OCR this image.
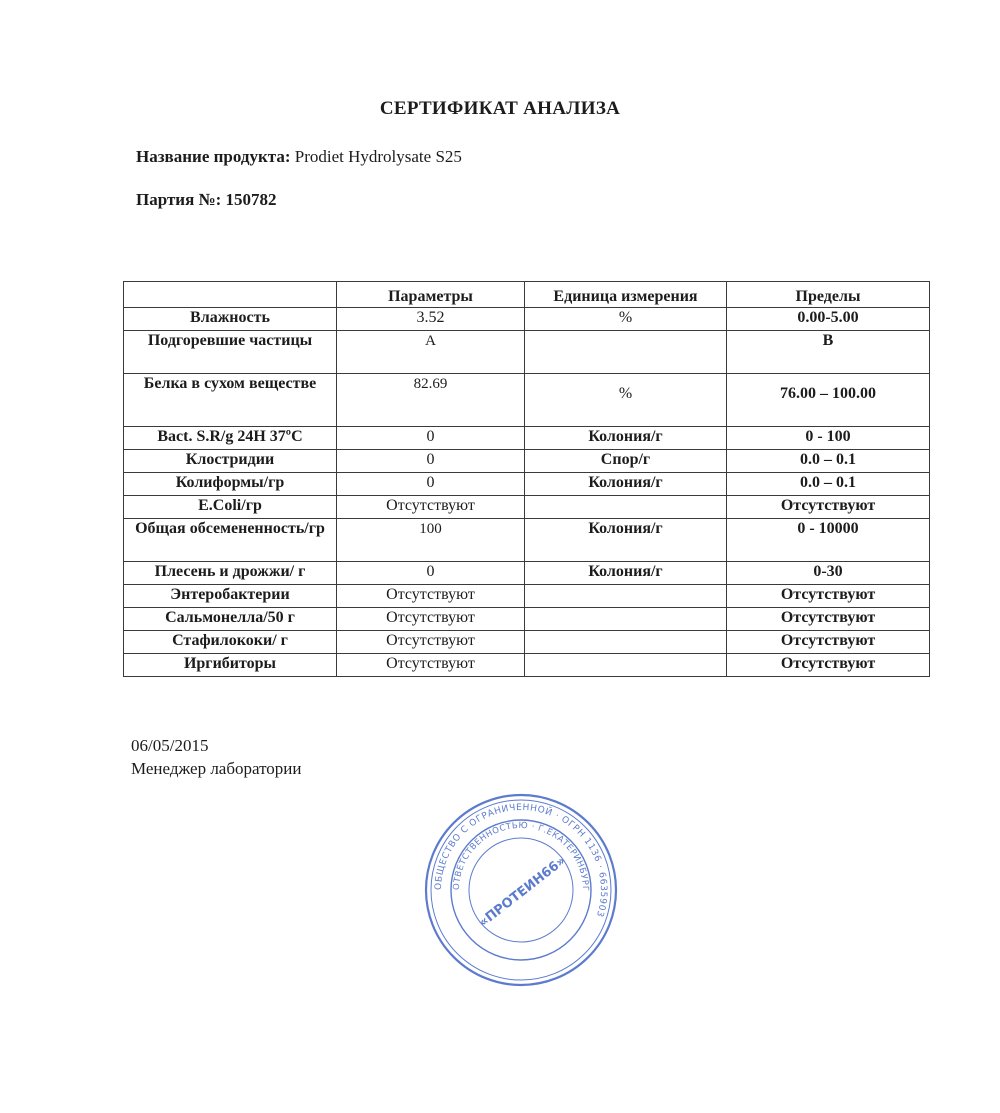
СЕРТИФИКАТ АНАЛИЗА
Название продукта: Prodiet Hydrolysate S25
Партия №: 150782
	Параметры	Единица измерения	Пределы
Влажность	3.52	%	0.00-5.00
Подгоревшие частицы	A		B
Белка в сухом веществе	82.69	%	76.00 – 100.00
Bact. S.R/g 24H 37ºC	0	Колония/г	0 - 100
Клостридии	0	Спор/г	0.0 – 0.1
Колиформы/гр	0	Колония/г	0.0 – 0.1
E.Coli/гр	Отсутствуют		Отсутствуют
Общая обсемененность/гр	100	Колония/г	0 - 10000
Плесень и дрожжи/ г	0	Колония/г	0-30
Энтеробактерии	Отсутствуют		Отсутствуют
Сальмонелла/50 г	Отсутствуют		Отсутствуют
Стафилококи/ г	Отсутствуют		Отсутствуют
Иргибиторы	Отсутствуют		Отсутствуют
06/05/2015
Менеджер лаборатории
ОБЩЕСТВО С ОГРАНИЧЕННОЙ · ОГРН 1136 · 6635903
ОТВЕТСТВЕННОСТЬЮ · Г.ЕКАТЕРИНБУРГ
«ПРОТЕИН66»
